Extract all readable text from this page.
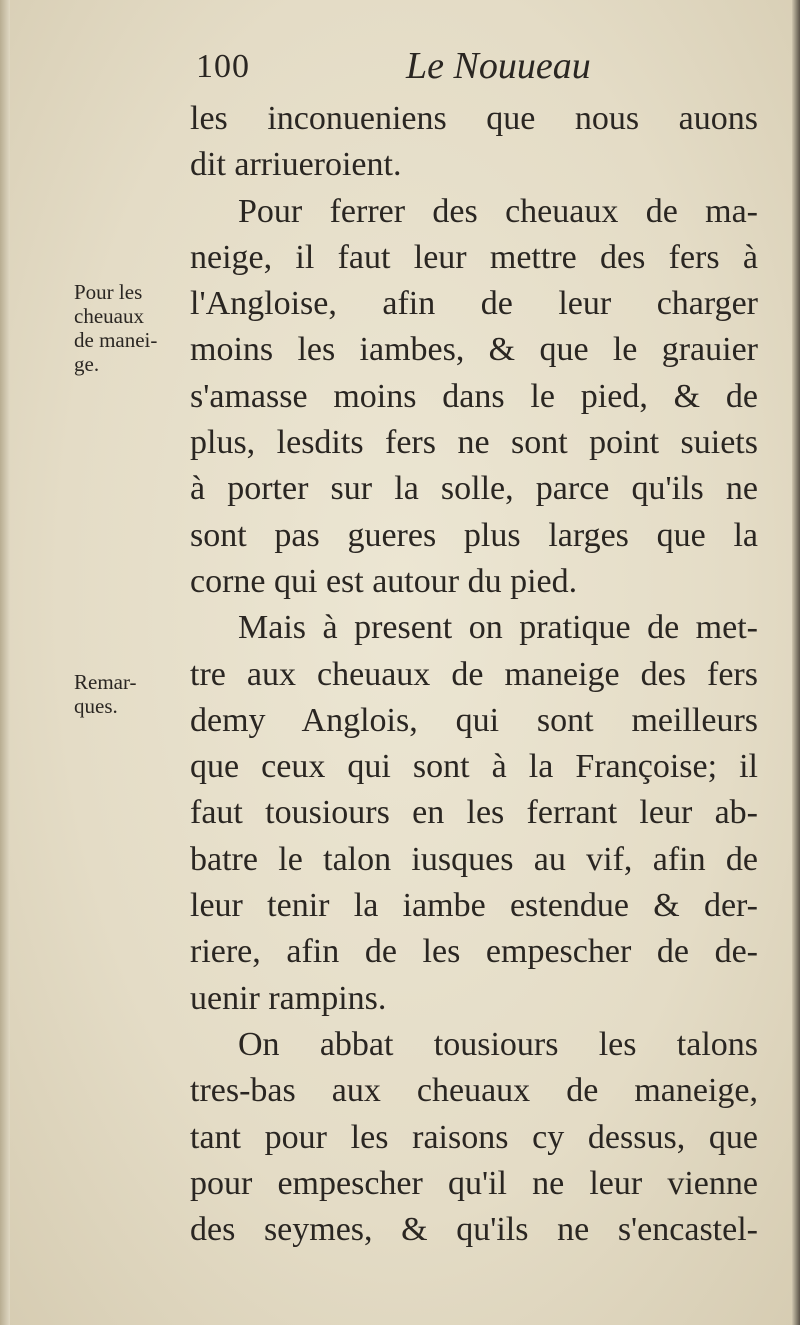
100	Le Nouueau
Pour les
cheuaux
de manei-
ge.
Remar-
ques.
les inconueniens que nous auons
dit arriueroient.
Pour ferrer des cheuaux de ma-
neige, il faut leur mettre des fers à
l'Angloise, afin de leur charger
moins les iambes, & que le grauier
s'amasse moins dans le pied, & de
plus, lesdits fers ne sont point suiets
à porter sur la solle, parce qu'ils ne
sont pas gueres plus larges que la
corne qui est autour du pied.
Mais à present on pratique de met-
tre aux cheuaux de maneige des fers
demy Anglois, qui sont meilleurs
que ceux qui sont à la Françoise; il
faut tousiours en les ferrant leur ab-
batre le talon iusques au vif, afin de
leur tenir la iambe estendue & der-
riere, afin de les empescher de de-
uenir rampins.
On abbat tousiours les talons
tres-bas aux cheuaux de maneige,
tant pour les raisons cy dessus, que
pour empescher qu'il ne leur vienne
des seymes, & qu'ils ne s'encastel-
